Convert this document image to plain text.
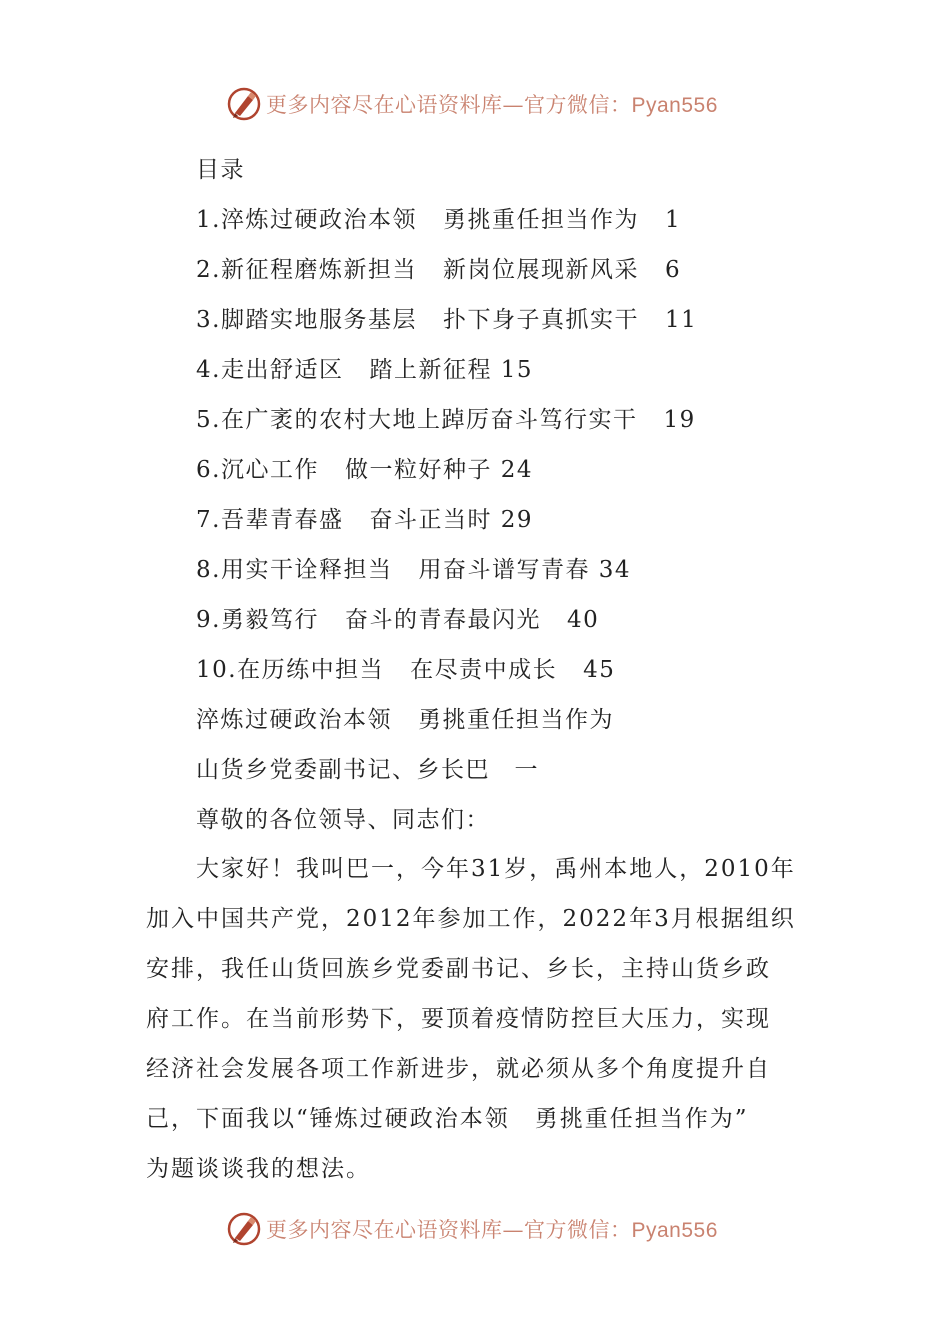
更多内容尽在心语资料库—官方微信：Pyan556
目录
1.淬炼过硬政治本领 勇挑重任担当作为 1
2.新征程磨炼新担当 新岗位展现新风采 6
3.脚踏实地服务基层 扑下身子真抓实干 11
4.走出舒适区 踏上新征程 15
5.在广袤的农村大地上踔厉奋斗笃行实干 19
6.沉心工作 做一粒好种子 24
7.吾辈青春盛 奋斗正当时 29
8.用实干诠释担当 用奋斗谱写青春 34
9.勇毅笃行 奋斗的青春最闪光 40
10.在历练中担当 在尽责中成长 45
淬炼过硬政治本领 勇挑重任担当作为
山货乡党委副书记、乡长巴　一
尊敬的各位领导、同志们：
大家好！我叫巴一，今年31岁，禹州本地人，2010年
加入中国共产党，2012年参加工作，2022年3月根据组织
安排，我任山货回族乡党委副书记、乡长，主持山货乡政
府工作。在当前形势下，要顶着疫情防控巨大压力，实现
经济社会发展各项工作新进步，就必须从多个角度提升自
己，下面我以“锤炼过硬政治本领　勇挑重任担当作为”
为题谈谈我的想法。
更多内容尽在心语资料库—官方微信：Pyan556
